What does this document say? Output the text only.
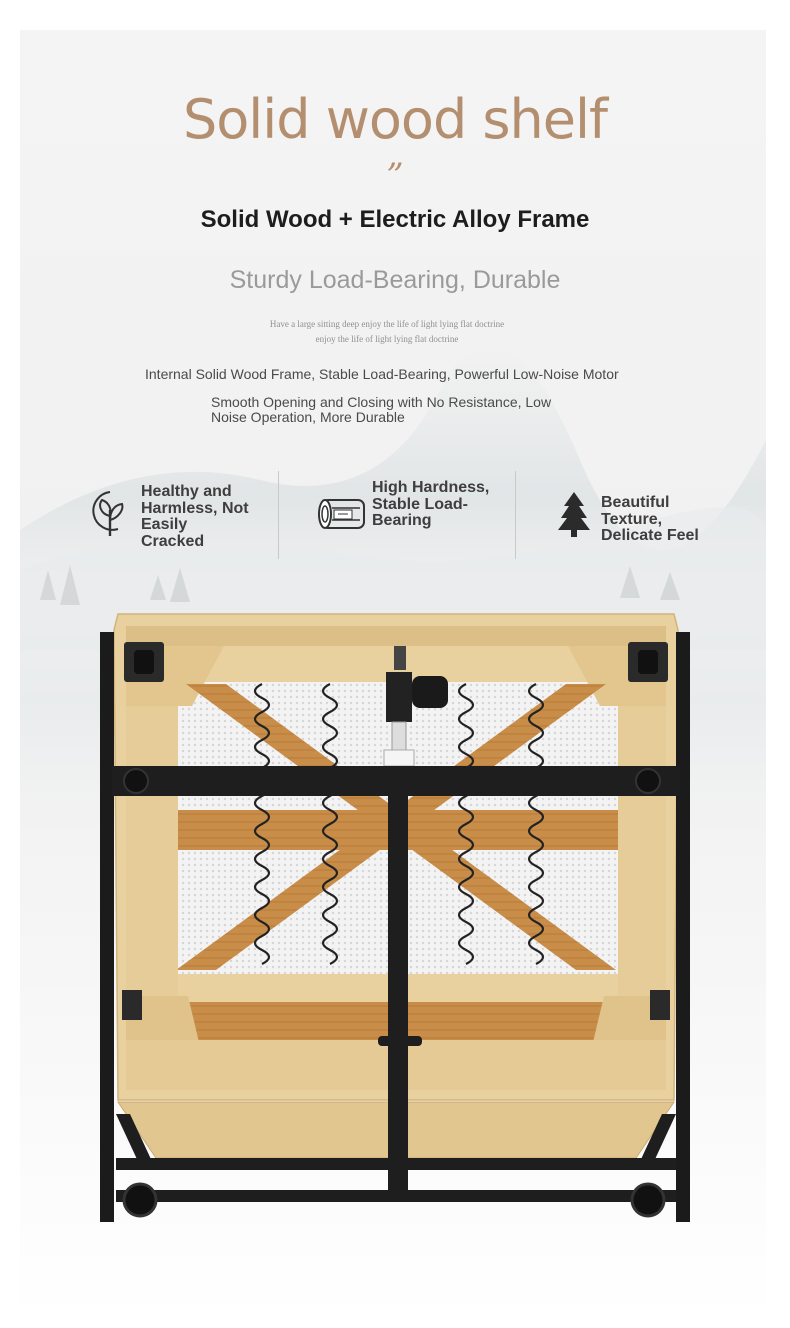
Solid wood shelf
”
Solid Wood + Electric Alloy Frame
Sturdy Load-Bearing, Durable
Have a large sitting deep enjoy the life of light lying flat doctrine
enjoy the life of light lying flat doctrine
Internal Solid Wood Frame, Stable Load-Bearing, Powerful Low-Noise Motor
Smooth Opening and Closing with No Resistance, Low Noise Operation, More Durable
Healthy and Harmless, Not Easily Cracked
High Hardness, Stable Load-Bearing
Beautiful Texture, Delicate Feel
